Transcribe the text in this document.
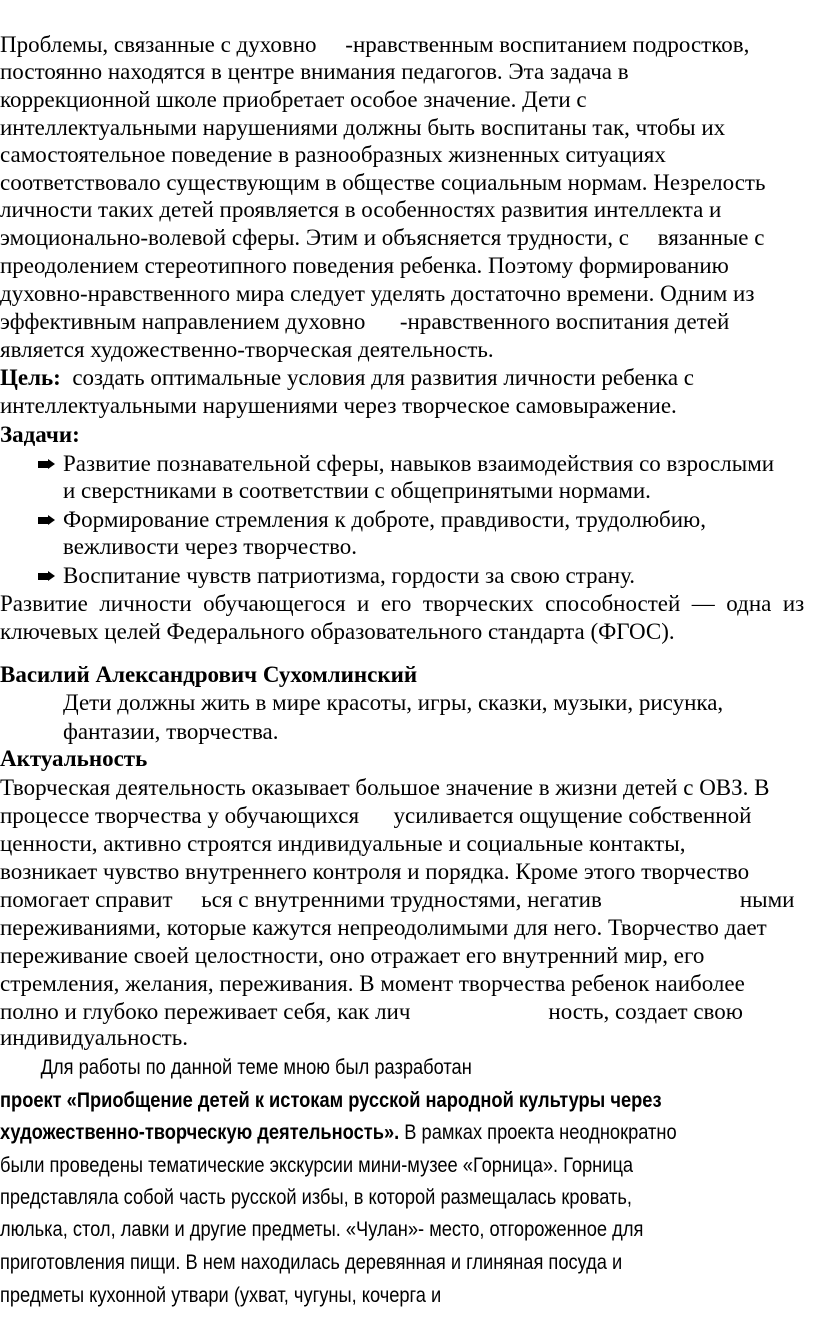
Проблемы, связанные с духовно     -нравственным воспитанием подростков,
постоянно находятся в центре внимания педагогов. Эта задача в
коррекционной школе приобретает особое значение. Дети с
интеллектуальными нарушениями должны быть воспитаны так, чтобы их
самостоятельное поведение в разнообразных жизненных ситуациях
соответствовало существующим в обществе социальным нормам. Незрелость
личности таких детей проявляется в особенностях развития интеллекта и
эмоционально-волевой сферы. Этим и объясняется трудности, с     вязанные с
преодолением стереотипного поведения ребенка. Поэтому формированию
духовно-нравственного мира следует уделять достаточно времени. Одним из
эффективным направлением духовно      -нравственного воспитания детей
является художественно-творческая деятельность.
Цель:  создать оптимальные условия для развития личности ребенка с
интеллектуальными нарушениями через творческое самовыражение.
Задачи:
Развитие познавательной сферы, навыков взаимодействия со взрослыми
и сверстниками в соответствии с общепринятыми нормами.
Формирование стремления к доброте, правдивости, трудолюбию,
вежливости через творчество.
Воспитание чувств патриотизма, гордости за свою страну.
Развитие  личности  обучающегося  и  его  творческих  способностей  —  одна  из
ключевых целей Федерального образовательного стандарта (ФГОС).
Василий Александрович Сухомлинский
Дети должны жить в мире красоты, игры, сказки, музыки, рисунка,
фантазии, творчества.
Актуальность
Творческая деятельность оказывает большое значение в жизни детей с ОВЗ. В
процессе творчества у обучающихся      усиливается ощущение собственной
ценности, активно строятся индивидуальные и социальные контакты,
возникает чувство внутреннего контроля и порядка. Кроме этого творчество
помогает справит     ься с внутренними трудностями, негатив                        ными
переживаниями, которые кажутся непреодолимыми для него. Творчество дает
переживание своей целостности, оно отражает его внутренний мир, его
стремления, желания, переживания. В момент творчества ребенок наиболее
полно и глубоко переживает себя, как лич                        ность, создает свою
индивидуальность.
Для работы по данной теме мною был разработан
проект «Приобщение детей к истокам русской народной культуры через
художественно-творческую деятельность». В рамках проекта неоднократно
были проведены тематические экскурсии мини-музее «Горница». Горница
представляла собой часть русской избы, в которой размещалась кровать,
люлька, стол, лавки и другие предметы. «Чулан»- место, отгороженное для
приготовления пищи. В нем находилась деревянная и глиняная посуда и
предметы кухонной утвари (ухват, чугуны, кочерга и
